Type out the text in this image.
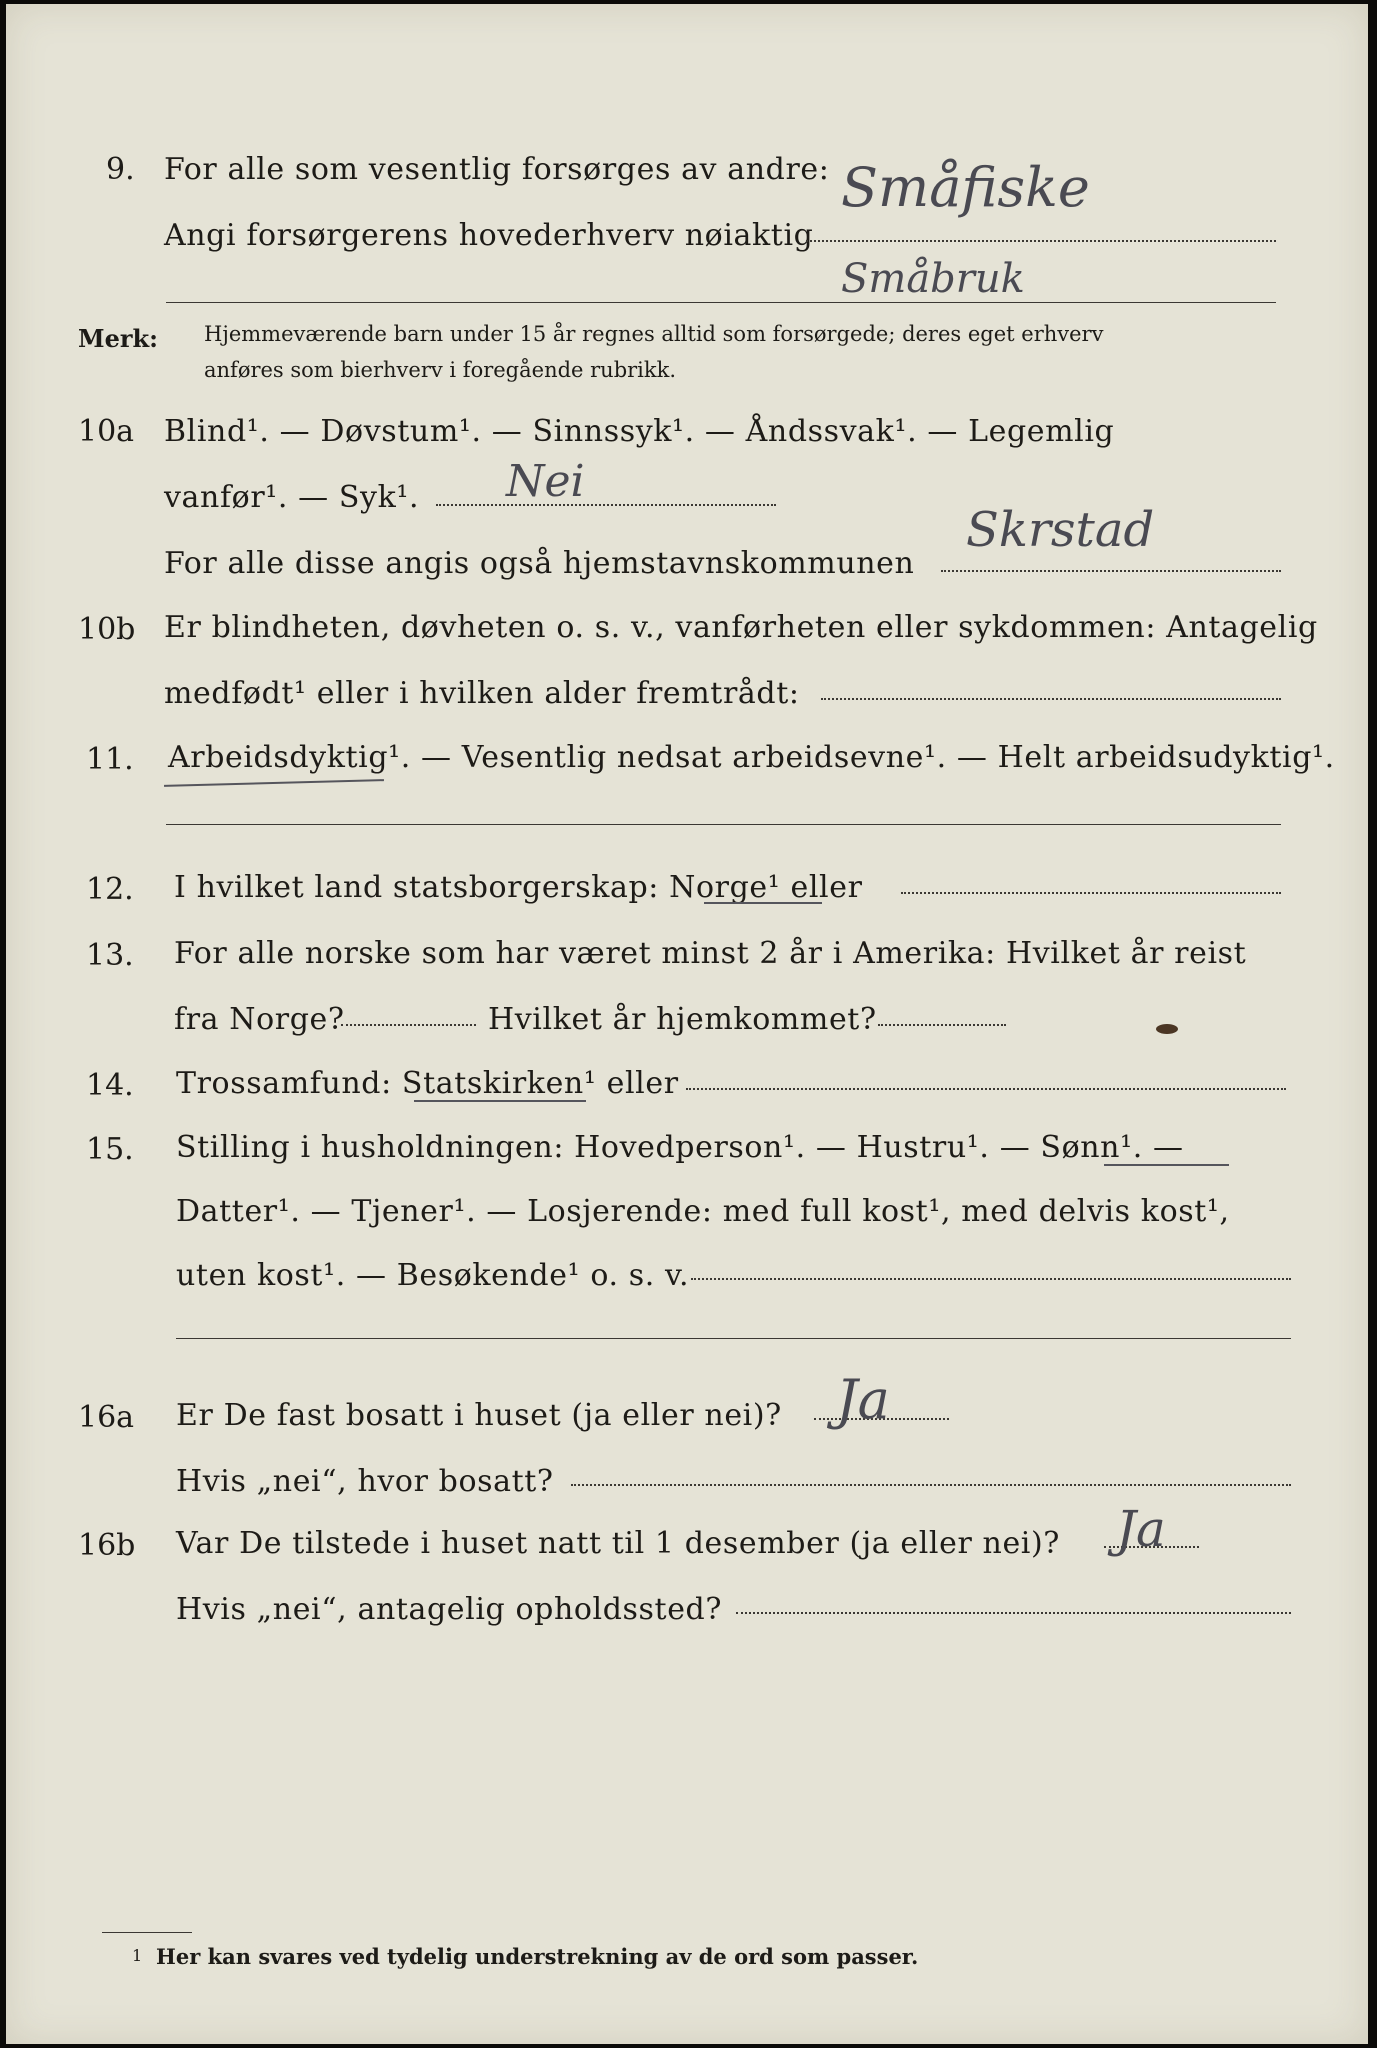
9. For alle som vesentlig forsørges av andre: Småfiske
Angi forsørgerens hovederhverv nøiaktig
Småbruk
Merk: Hjemmeværende barn under 15 år regnes alltid som forsørgede; deres eget erhverv
anføres som bierhverv i foregående rubrikk.
10a Blind¹. — Døvstum¹. — Sinnssyk¹. — Åndssvak¹. — Legemlig
vanfør¹. — Syk¹. Nei
For alle disse angis også hjemstavnskommunen
Skrstad
10b Er blindheten, døvheten o. s. v., vanførheten eller sykdommen: Antagelig
medfødt¹ eller i hvilken alder fremtrådt:
11. Arbeidsdyktig¹. — Vesentlig nedsat arbeidsevne¹. — Helt arbeidsudyktig¹.
12. I hvilket land statsborgerskap: Norge¹ eller
13. For alle norske som har været minst 2 år i Amerika: Hvilket år reist
fra Norge?	Hvilket år hjemkommet?
14. Trossamfund: Statskirken¹ eller
15. Stilling i husholdningen: Hovedperson¹. — Hustru¹. — Sønn¹. —
Datter¹. — Tjener¹. — Losjerende: med full kost¹, med delvis kost¹,
uten kost¹. — Besøkende¹ o. s. v.
16a Er De fast bosatt i huset (ja eller nei)? Ja
Hvis „nei“, hvor bosatt?
16b Var De tilstede i huset natt til 1 desember (ja eller nei)? Ja
Hvis „nei“, antagelig opholdssted?
1 Her kan svares ved tydelig understrekning av de ord som passer.
